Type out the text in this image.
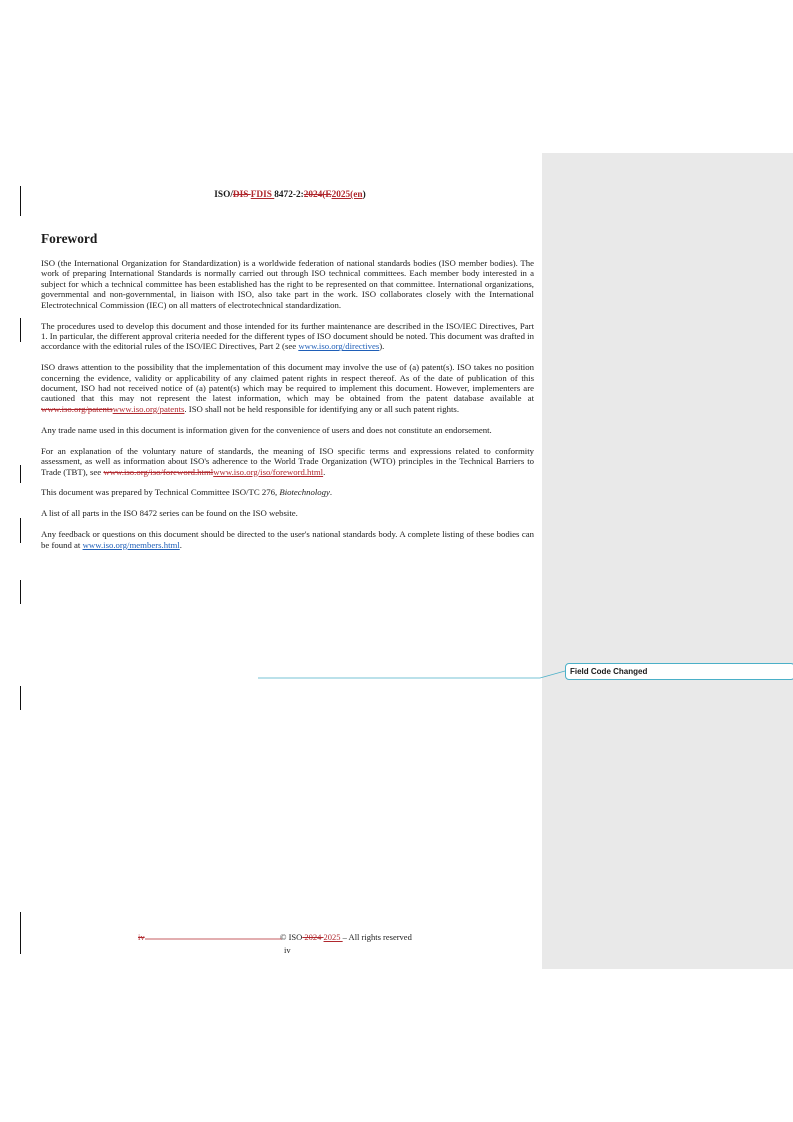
ISO/DIS FDIS 8472-2:2024(E2025(en)
Foreword

ISO (the International Organization for Standardization) is a worldwide federation of national standards bodies (ISO member bodies). The work of preparing International Standards is normally carried out through ISO technical committees. Each member body interested in a subject for which a technical committee has been established has the right to be represented on that committee. International organizations, governmental and non-governmental, in liaison with ISO, also take part in the work. ISO collaborates closely with the International Electrotechnical Commission (IEC) on all matters of electrotechnical standardization.

The procedures used to develop this document and those intended for its further maintenance are described in the ISO/IEC Directives, Part 1. In particular, the different approval criteria needed for the different types of ISO document should be noted. This document was drafted in accordance with the editorial rules of the ISO/IEC Directives, Part 2 (see www.iso.org/directives).

ISO draws attention to the possibility that the implementation of this document may involve the use of (a) patent(s). ISO takes no position concerning the evidence, validity or applicability of any claimed patent rights in respect thereof. As of the date of publication of this document, ISO had not received notice of (a) patent(s) which may be required to implement this document. However, implementers are cautioned that this may not represent the latest information, which may be obtained from the patent database available at www.iso.org/patentswww.iso.org/patents. ISO shall not be held responsible for identifying any or all such patent rights.

Any trade name used in this document is information given for the convenience of users and does not constitute an endorsement.

For an explanation of the voluntary nature of standards, the meaning of ISO specific terms and expressions related to conformity assessment, as well as information about ISO's adherence to the World Trade Organization (WTO) principles in the Technical Barriers to Trade (TBT), see www.iso.org/iso/foreword.htmlwww.iso.org/iso/foreword.html.

This document was prepared by Technical Committee ISO/TC 276, Biotechnology.

A list of all parts in the ISO 8472 series can be found on the ISO website.

Any feedback or questions on this document should be directed to the user's national standards body. A complete listing of these bodies can be found at www.iso.org/members.html.

Field Code Changed
iv	© ISO 2024 2025 – All rights reserved
iv
